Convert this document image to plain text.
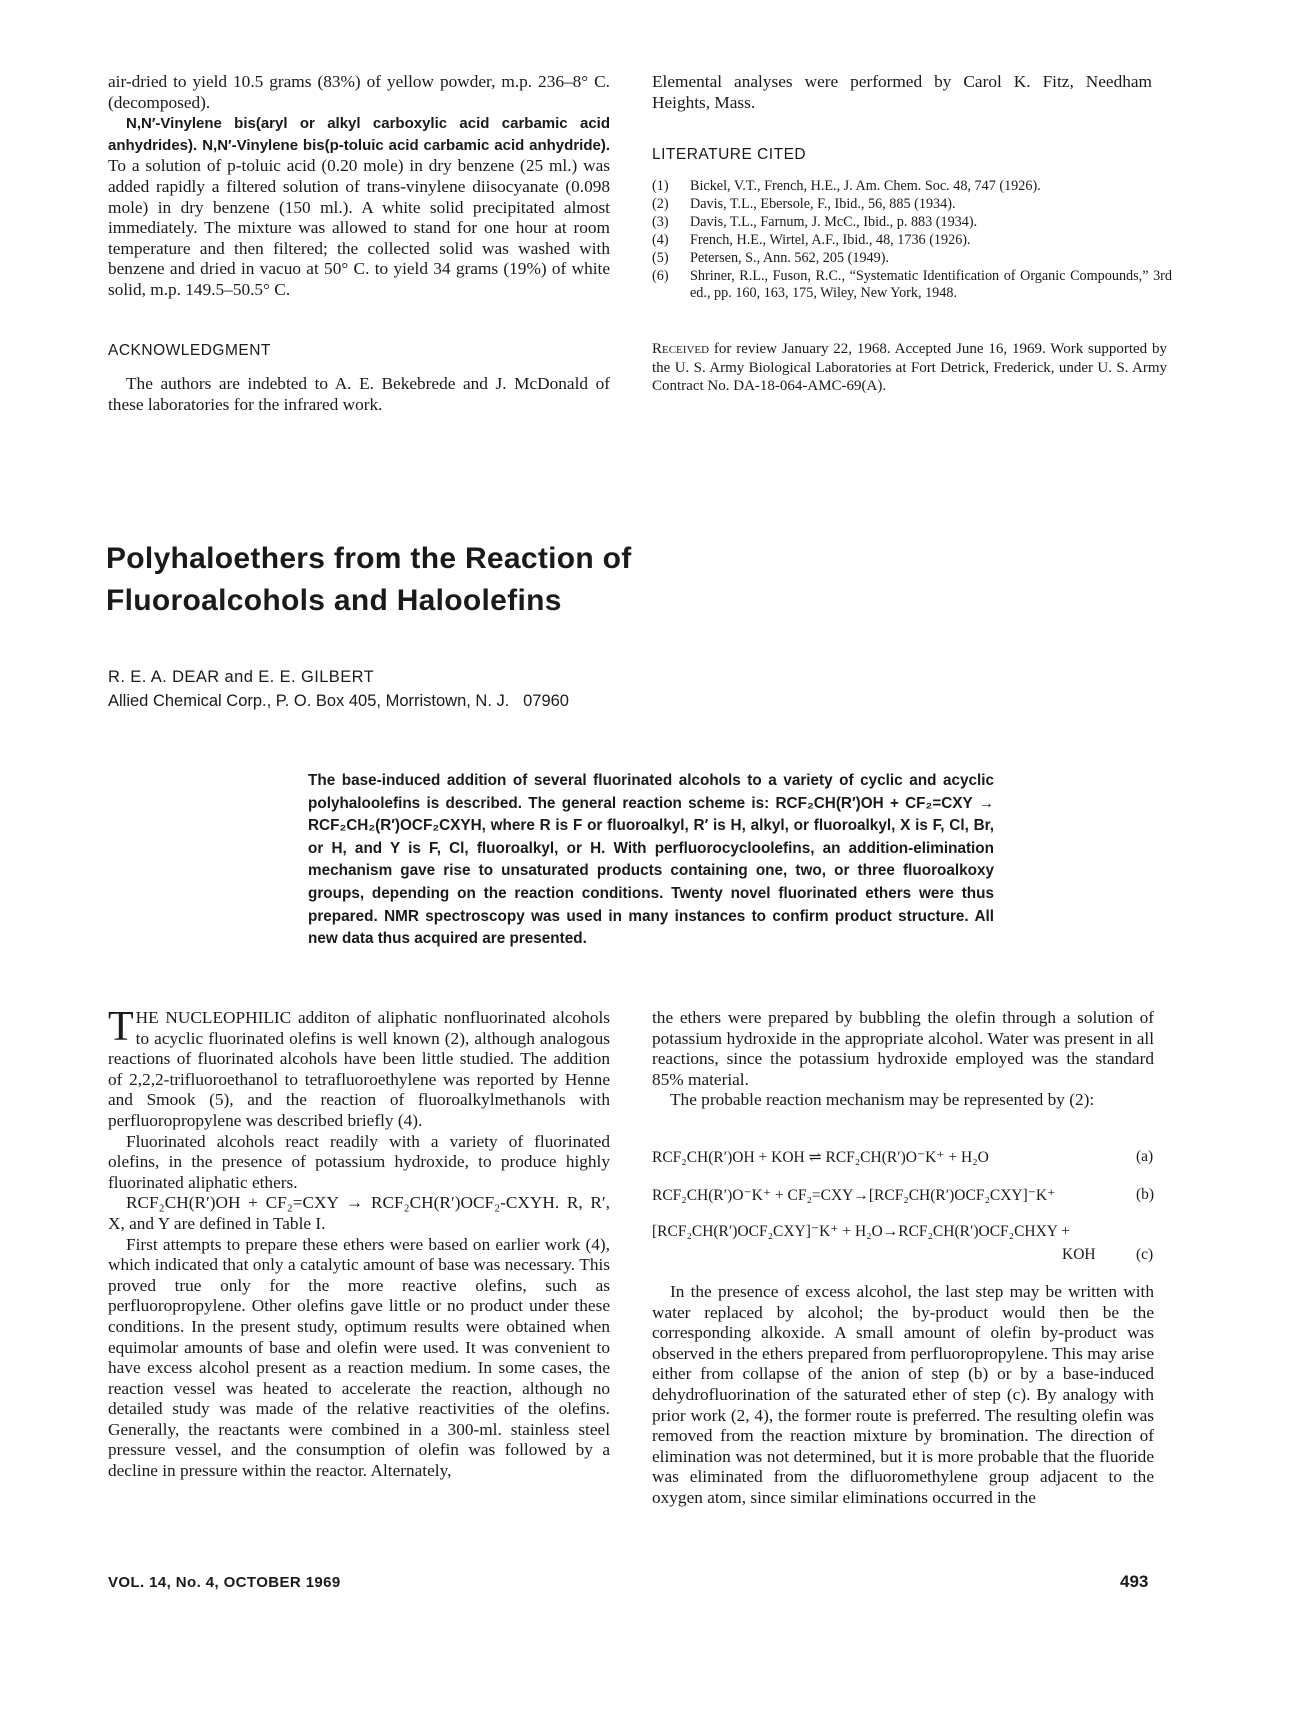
air-dried to yield 10.5 grams (83%) of yellow powder, m.p. 236–8° C. (decomposed).

N,N′-Vinylene bis(aryl or alkyl carboxylic acid carbamic acid anhydrides). N,N′-Vinylene bis(p-toluic acid carbamic acid anhydride). To a solution of p-toluic acid (0.20 mole) in dry benzene (25 ml.) was added rapidly a filtered solution of trans-vinylene diisocyanate (0.098 mole) in dry benzene (150 ml.). A white solid precipitated almost immediately. The mixture was allowed to stand for one hour at room temperature and then filtered; the collected solid was washed with benzene and dried in vacuo at 50° C. to yield 34 grams (19%) of white solid, m.p. 149.5–50.5° C.

ACKNOWLEDGMENT

The authors are indebted to A. E. Bekebrede and J. McDonald of these laboratories for the infrared work.

Elemental analyses were performed by Carol K. Fitz, Needham Heights, Mass.

LITERATURE CITED
(1) Bickel, V.T., French, H.E., J. Am. Chem. Soc. 48, 747 (1926).
(2) Davis, T.L., Ebersole, F., Ibid., 56, 885 (1934).
(3) Davis, T.L., Farnum, J. McC., Ibid., p. 883 (1934).
(4) French, H.E., Wirtel, A.F., Ibid., 48, 1736 (1926).
(5) Petersen, S., Ann. 562, 205 (1949).
(6) Shriner, R.L., Fuson, R.C., “Systematic Identification of Organic Compounds,” 3rd ed., pp. 160, 163, 175, Wiley, New York, 1948.
Received for review January 22, 1968. Accepted June 16, 1969. Work supported by the U. S. Army Biological Laboratories at Fort Detrick, Frederick, under U. S. Army Contract No. DA-18-064-AMC-69(A).
Polyhaloethers from the Reaction of
Fluoroalcohols and Haloolefins
R. E. A. DEAR and E. E. GILBERT
Allied Chemical Corp., P. O. Box 405, Morristown, N. J.   07960
The base-induced addition of several fluorinated alcohols to a variety of cyclic and acyclic polyhaloolefins is described. The general reaction scheme is: RCF₂CH(R′)OH + CF₂=CXY → RCF₂CH₂(R′)OCF₂CXYH, where R is F or fluoroalkyl, R′ is H, alkyl, or fluoroalkyl, X is F, Cl, Br, or H, and Y is F, Cl, fluoroalkyl, or H. With perfluorocycloolefins, an addition-elimination mechanism gave rise to unsaturated products containing one, two, or three fluoroalkoxy groups, depending on the reaction conditions. Twenty novel fluorinated ethers were thus prepared. NMR spectroscopy was used in many instances to confirm product structure. All new data thus acquired are presented.

THE NUCLEOPHILIC additon of aliphatic nonfluorinated alcohols to acyclic fluorinated olefins is well known (2), although analogous reactions of fluorinated alcohols have been little studied. The addition of 2,2,2-trifluoroethanol to tetrafluoroethylene was reported by Henne and Smook (5), and the reaction of fluoroalkylmethanols with perfluoropropylene was described briefly (4).

Fluorinated alcohols react readily with a variety of fluorinated olefins, in the presence of potassium hydroxide, to produce highly fluorinated aliphatic ethers.

RCF₂CH(R′)OH + CF₂=CXY → RCF₂CH(R′)OCF₂-CXYH. R, R′, X, and Y are defined in Table I.

First attempts to prepare these ethers were based on earlier work (4), which indicated that only a catalytic amount of base was necessary. This proved true only for the more reactive olefins, such as perfluoropropylene. Other olefins gave little or no product under these conditions. In the present study, optimum results were obtained when equimolar amounts of base and olefin were used. It was convenient to have excess alcohol present as a reaction medium. In some cases, the reaction vessel was heated to accelerate the reaction, although no detailed study was made of the relative reactivities of the olefins. Generally, the reactants were combined in a 300-ml. stainless steel pressure vessel, and the consumption of olefin was followed by a decline in pressure within the reactor. Alternately,

the ethers were prepared by bubbling the olefin through a solution of potassium hydroxide in the appropriate alcohol. Water was present in all reactions, since the potassium hydroxide employed was the standard 85% material.

The probable reaction mechanism may be represented by (2):

RCF₂CH(R′)OH + KOH ⇌ RCF₂CH(R′)O⁻K⁺ + H₂O	(a)
RCF₂CH(R′)O⁻K⁺ + CF₂=CXY→[RCF₂CH(R′)OCF₂CXY]⁻K⁺	(b)
[RCF₂CH(R′)OCF₂CXY]⁻K⁺ + H₂O→RCF₂CH(R′)OCF₂CHXY +
KOH	(c)

In the presence of excess alcohol, the last step may be written with water replaced by alcohol; the by-product would then be the corresponding alkoxide. A small amount of olefin by-product was observed in the ethers prepared from perfluoropropylene. This may arise either from collapse of the anion of step (b) or by a base-induced dehydrofluorination of the saturated ether of step (c). By analogy with prior work (2, 4), the former route is preferred. The resulting olefin was removed from the reaction mixture by bromination. The direction of elimination was not determined, but it is more probable that the fluoride was eliminated from the difluoromethylene group adjacent to the oxygen atom, since similar eliminations occurred in the

VOL. 14, No. 4, OCTOBER 1969	493
